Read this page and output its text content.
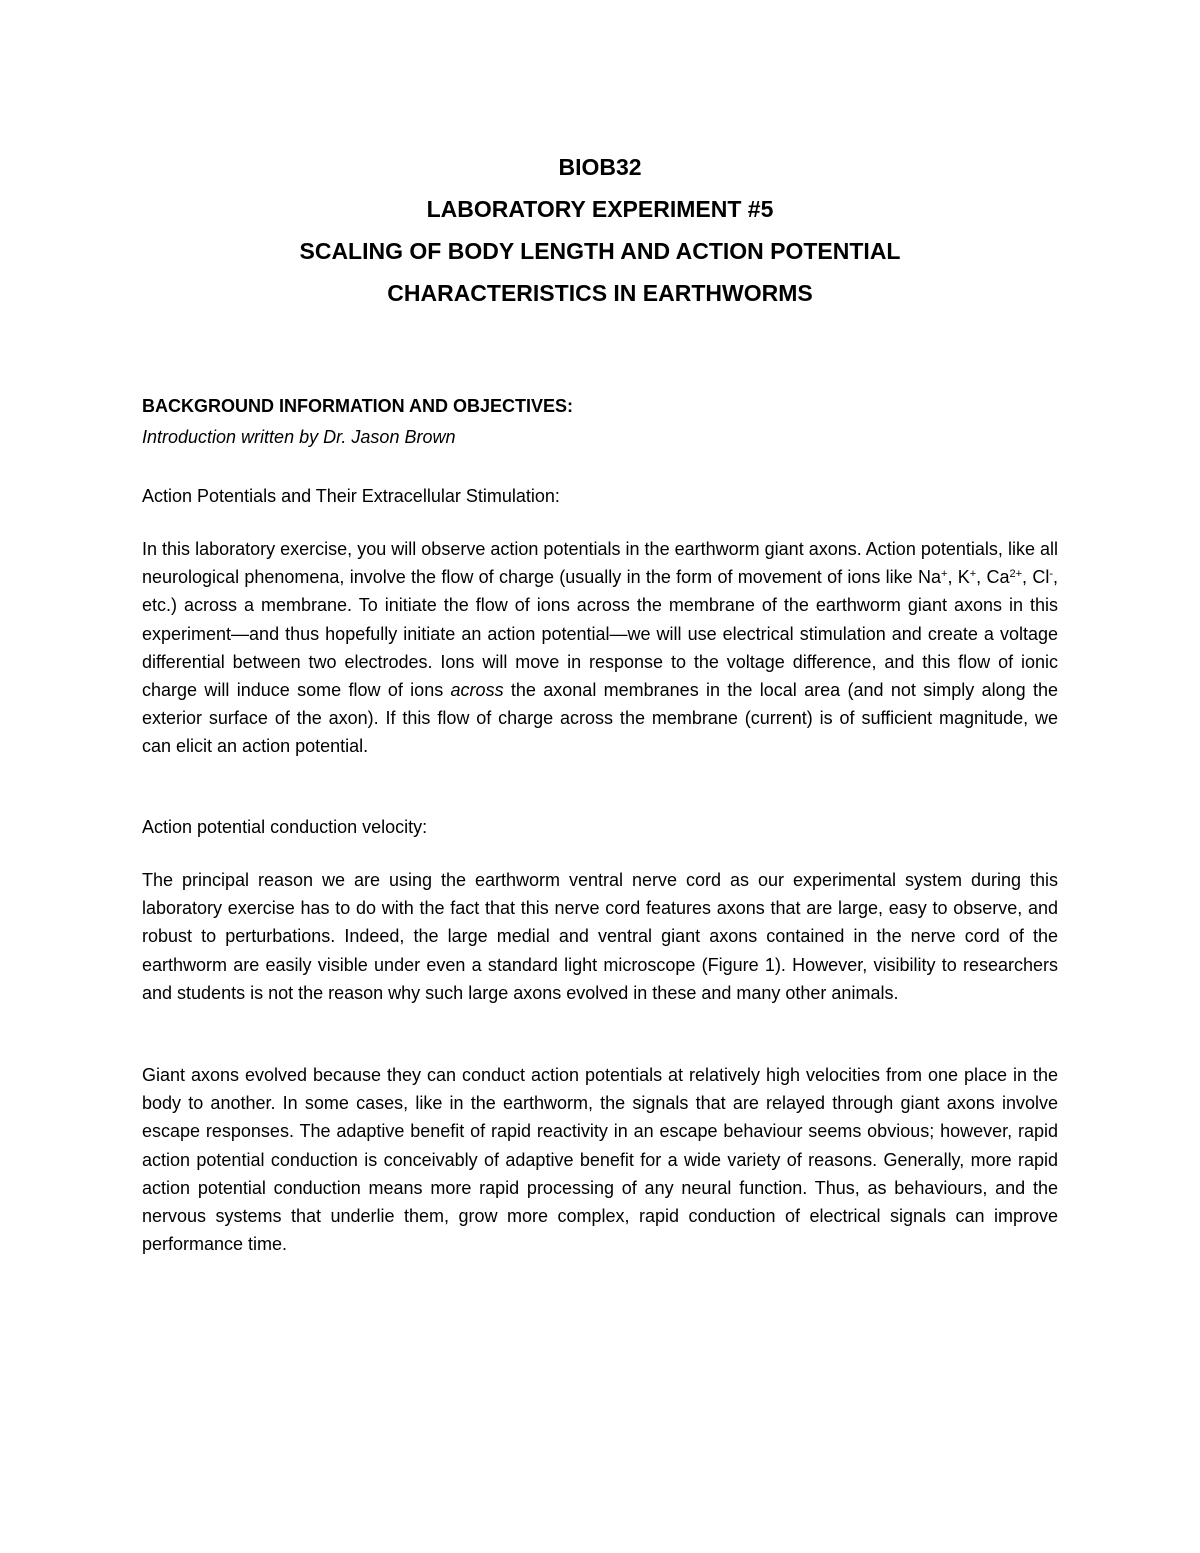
BIOB32
LABORATORY EXPERIMENT #5
SCALING OF BODY LENGTH AND ACTION POTENTIAL
CHARACTERISTICS IN EARTHWORMS
BACKGROUND INFORMATION AND OBJECTIVES:
Introduction written by Dr. Jason Brown
Action Potentials and Their Extracellular Stimulation:

In this laboratory exercise, you will observe action potentials in the earthworm giant axons. Action potentials, like all neurological phenomena, involve the flow of charge (usually in the form of movement of ions like Na+, K+, $Ca^{2+}$, Cl-, etc.) across a membrane. To initiate the flow of ions across the membrane of the earthworm giant axons in this experiment—and thus hopefully initiate an action potential—we will use electrical stimulation and create a voltage differential between two electrodes. Ions will move in response to the voltage difference, and this flow of ionic charge will induce some flow of ions across the axonal membranes in the local area (and not simply along the exterior surface of the axon). If this flow of charge across the membrane (current) is of sufficient magnitude, we can elicit an action potential.

Action potential conduction velocity:

The principal reason we are using the earthworm ventral nerve cord as our experimental system during this laboratory exercise has to do with the fact that this nerve cord features axons that are large, easy to observe, and robust to perturbations. Indeed, the large medial and ventral giant axons contained in the nerve cord of the earthworm are easily visible under even a standard light microscope (Figure 1). However, visibility to researchers and students is not the reason why such large axons evolved in these and many other animals.

Giant axons evolved because they can conduct action potentials at relatively high velocities from one place in the body to another. In some cases, like in the earthworm, the signals that are relayed through giant axons involve escape responses. The adaptive benefit of rapid reactivity in an escape behaviour seems obvious; however, rapid action potential conduction is conceivably of adaptive benefit for a wide variety of reasons. Generally, more rapid action potential conduction means more rapid processing of any neural function. Thus, as behaviours, and the nervous systems that underlie them, grow more complex, rapid conduction of electrical signals can improve performance time.
